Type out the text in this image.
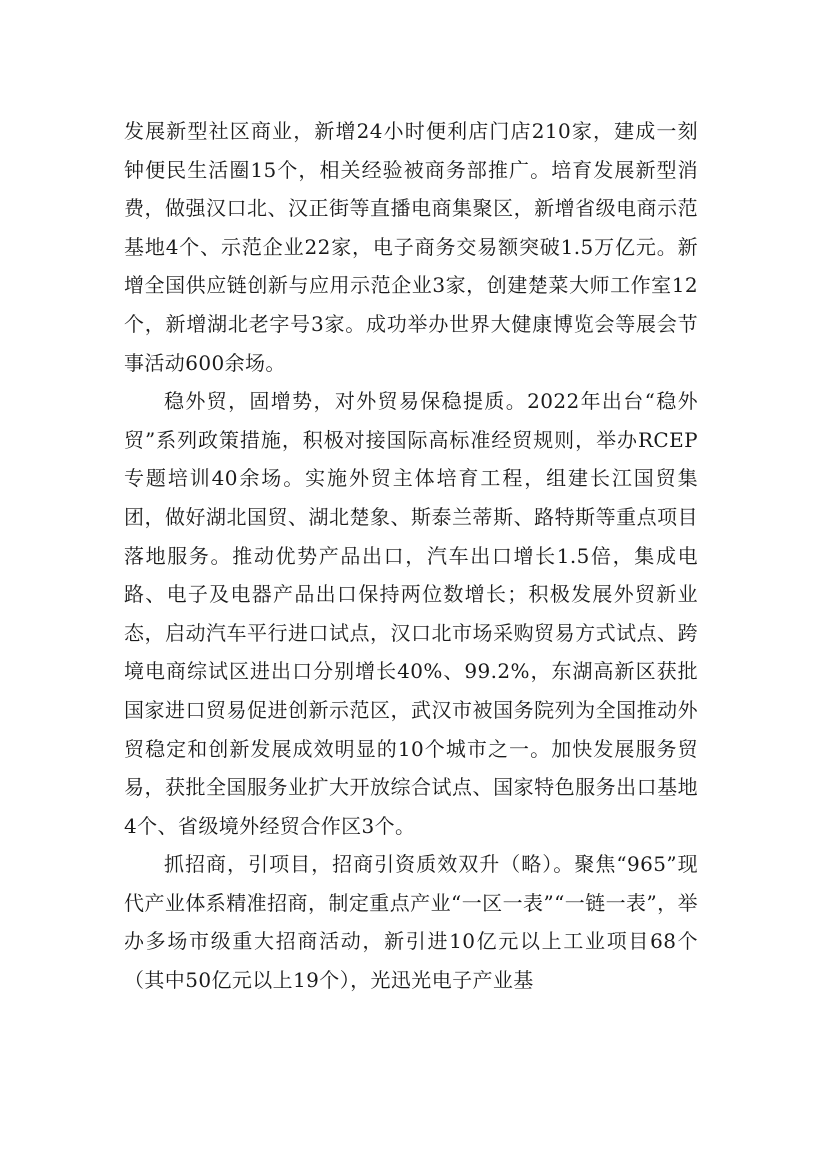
发展新型社区商业，新增24小时便利店门店210家，建成一刻钟便民生活圈15个，相关经验被商务部推广。培育发展新型消费，做强汉口北、汉正街等直播电商集聚区，新增省级电商示范基地4个、示范企业22家，电子商务交易额突破1.5万亿元。新增全国供应链创新与应用示范企业3家，创建楚菜大师工作室12个，新增湖北老字号3家。成功举办世界大健康博览会等展会节事活动600余场。

稳外贸，固增势，对外贸易保稳提质。2022年出台“稳外贸”系列政策措施，积极对接国际高标准经贸规则，举办RCEP专题培训40余场。实施外贸主体培育工程，组建长江国贸集团，做好湖北国贸、湖北楚象、斯泰兰蒂斯、路特斯等重点项目落地服务。推动优势产品出口，汽车出口增长1.5倍，集成电路、电子及电器产品出口保持两位数增长；积极发展外贸新业态，启动汽车平行进口试点，汉口北市场采购贸易方式试点、跨境电商综试区进出口分别增长40%、99.2%，东湖高新区获批国家进口贸易促进创新示范区，武汉市被国务院列为全国推动外贸稳定和创新发展成效明显的10个城市之一。加快发展服务贸易，获批全国服务业扩大开放综合试点、国家特色服务出口基地4个、省级境外经贸合作区3个。

抓招商，引项目，招商引资质效双升（略）。聚焦“965”现代产业体系精准招商，制定重点产业“一区一表”“一链一表”，举办多场市级重大招商活动，新引进10亿元以上工业项目68个（其中50亿元以上19个），光迅光电子产业基
